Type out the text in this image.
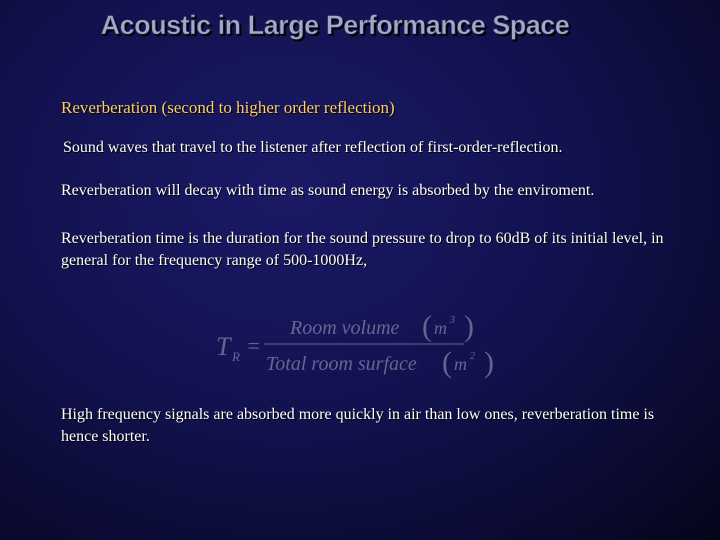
Acoustic in Large Performance Space
Reverberation (second to higher order reflection)
Sound waves that travel to the listener after reflection of first-order-reflection.
Reverberation will decay with time as sound energy is absorbed by the enviroment.
Reverberation time is the duration for the sound pressure to drop to 60dB of its initial level, in general for the frequency range of 500-1000Hz,
T R =
Room volume ( m 3 )
Total room surface ( m 2 )
High frequency signals are absorbed more quickly in air than low ones, reverberation time is hence shorter.
